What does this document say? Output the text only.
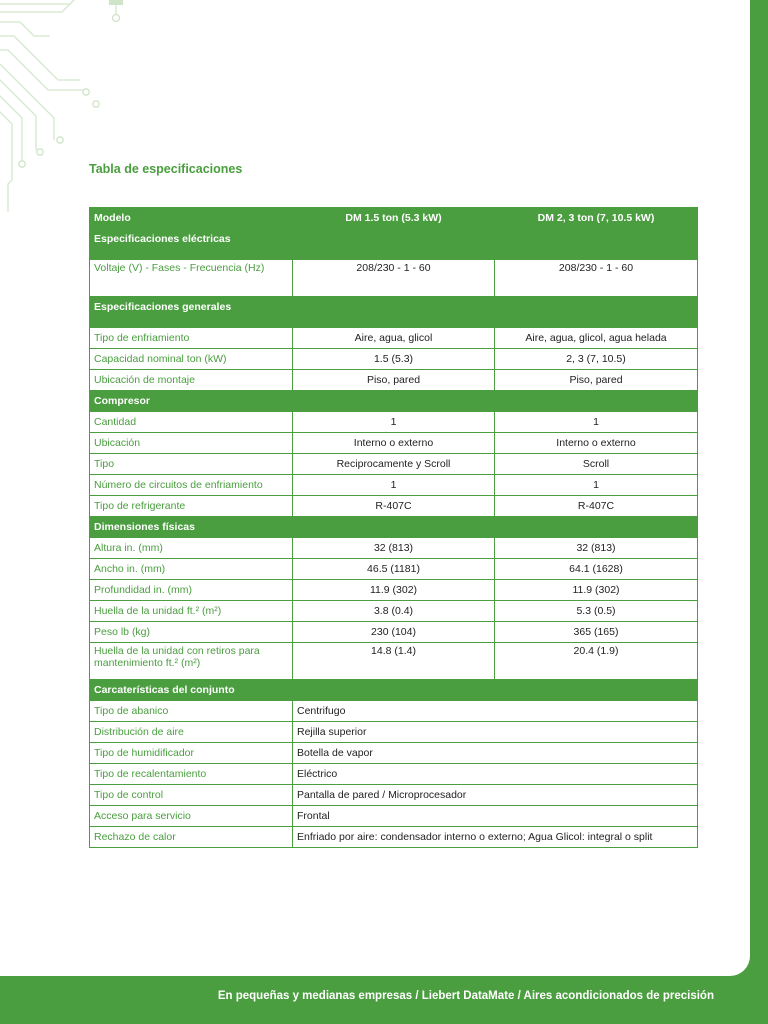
Tabla de especificaciones
Modelo	DM 1.5 ton (5.3 kW)	DM 2, 3 ton (7, 10.5 kW)
Especificaciones eléctricas		
Voltaje (V) - Fases - Frecuencia (Hz)	208/230 - 1 - 60	208/230 - 1 - 60
Especificaciones generales		
Tipo de enfriamiento	Aire, agua, glicol	Aire, agua, glicol, agua helada
Capacidad nominal ton (kW)	1.5 (5.3)	2, 3 (7, 10.5)
Ubicación de montaje	Piso, pared	Piso, pared
Compresor		
Cantidad	1	1
Ubicación	Interno o externo	Interno o externo
Tipo	Reciprocamente y Scroll	Scroll
Número de circuitos de enfriamiento	1	1
Tipo de refrigerante	R-407C	R-407C
Dimensiones físicas		
Altura in. (mm)	32 (813)	32 (813)
Ancho in. (mm)	46.5 (1181)	64.1 (1628)
Profundidad in. (mm)	11.9 (302)	11.9 (302)
Huella de la unidad ft.² (m²)	3.8 (0.4)	5.3 (0.5)
Peso lb (kg)	230 (104)	365 (165)
Huella de la unidad con retiros para mantenimiento ft.² (m²)	14.8 (1.4)	20.4 (1.9)
Carcaterísticas del conjunto		
Tipo de abanico	Centrifugo	
Distribución de aire	Rejilla superior	
Tipo de humidificador	Botella de vapor	
Tipo de recalentamiento	Eléctrico	
Tipo de control	Pantalla de pared / Microprocesador	
Acceso para servicio	Frontal	
Rechazo de calor	Enfriado por aire: condensador interno o externo; Agua Glicol: integral o split	
En pequeñas y medianas empresas / Liebert DataMate / Aires acondicionados de precisión
